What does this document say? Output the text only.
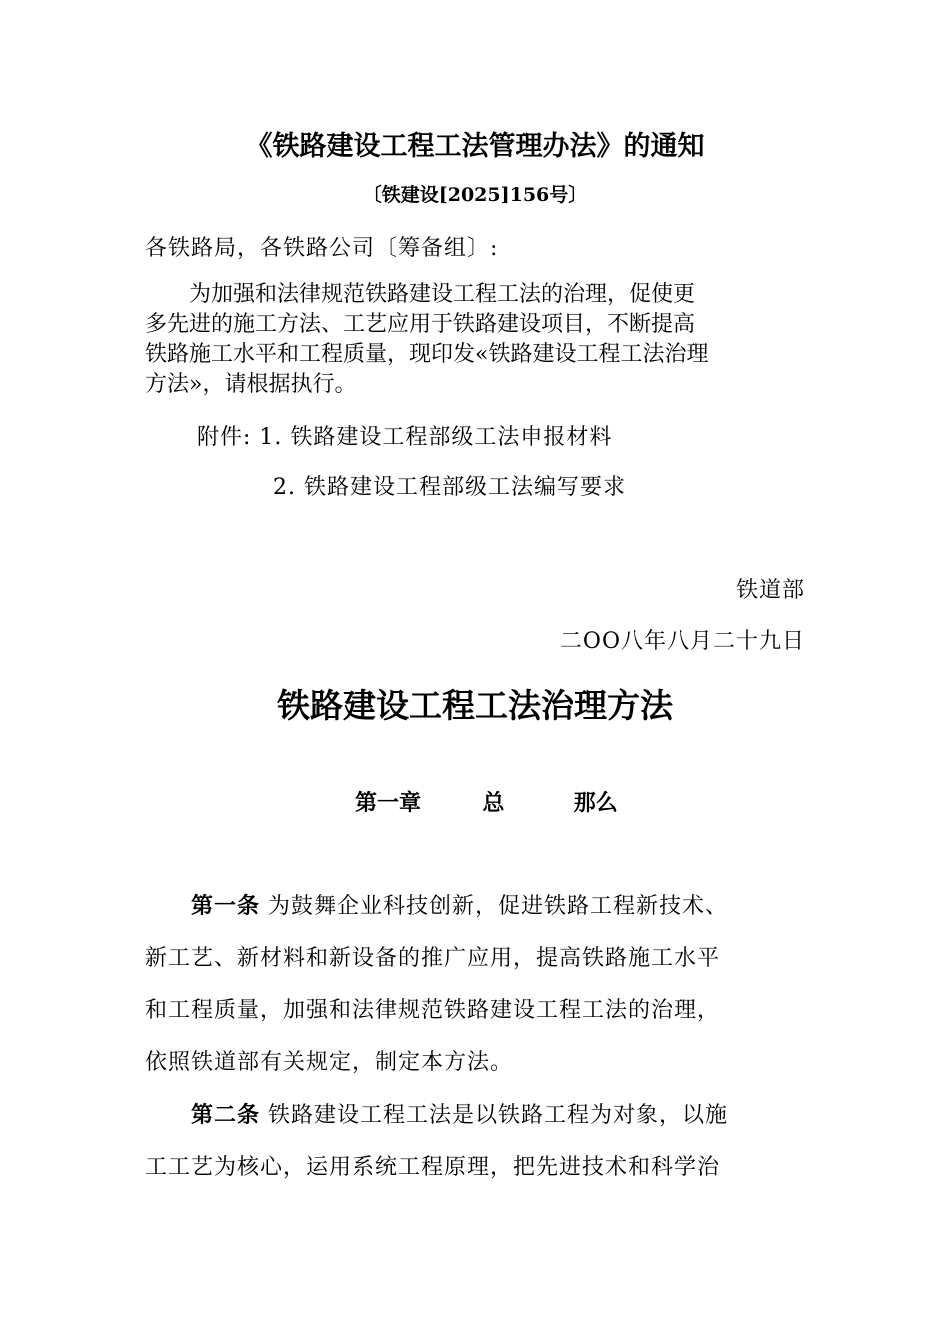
《铁路建设工程工法管理办法》的通知
〔铁建设[2025]156号〕
各铁路局，各铁路公司〔筹备组〕:
　　为加强和法律规范铁路建设工程工法的治理，促使更
多先进的施工方法、工艺应用于铁路建设项目，不断提高
铁路施工水平和工程质量，现印发«铁路建设工程工法治理
方法»，请根据执行。
附件: 1. 铁路建设工程部级工法申报材料
2. 铁路建设工程部级工法编写要求
铁道部
二OO八年八月二十九日
铁路建设工程工法治理方法
第一章	总	那么
　　第一条 为鼓舞企业科技创新，促进铁路工程新技术、
新工艺、新材料和新设备的推广应用，提高铁路施工水平
和工程质量，加强和法律规范铁路建设工程工法的治理，
依照铁道部有关规定，制定本方法。
　　第二条 铁路建设工程工法是以铁路工程为对象，以施
工工艺为核心，运用系统工程原理，把先进技术和科学治
